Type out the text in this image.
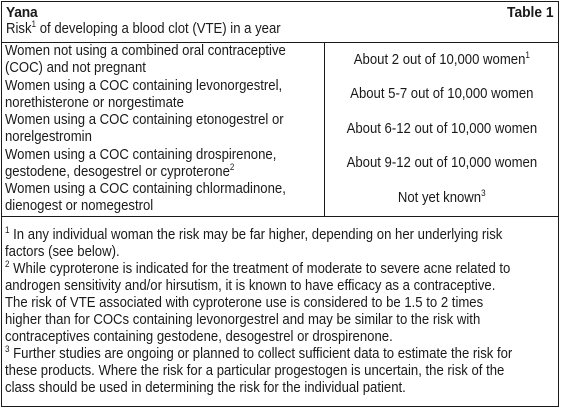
Yana	Table 1
Risk$^1$ of developing a blood clot (VTE) in a year
Women not using a combined oral contraceptive
(COC) and not pregnant	About 2 out of 10,000 women$^1$
Women using a COC containing levonorgestrel,
norethisterone or norgestimate	About 5-7 out of 10,000 women
Women using a COC containing etonogestrel or
norelgestromin	About 6-12 out of 10,000 women
Women using a COC containing drospirenone,
gestodene, desogestrel or cyproterone$^2$	About 9-12 out of 10,000 women
Women using a COC containing chlormadinone,
dienogest or nomegestrol	Not yet known$^3$
$^1$ In any individual woman the risk may be far higher, depending on her underlying risk
factors (see below).
$^2$ While cyproterone is indicated for the treatment of moderate to severe acne related to
androgen sensitivity and/or hirsutism, it is known to have efficacy as a contraceptive.
The risk of VTE associated with cyproterone use is considered to be 1.5 to 2 times
higher than for COCs containing levonorgestrel and may be similar to the risk with
contraceptives containing gestodene, desogestrel or drospirenone.
$^3$ Further studies are ongoing or planned to collect sufficient data to estimate the risk for
these products. Where the risk for a particular progestogen is uncertain, the risk of the
class should be used in determining the risk for the individual patient.
